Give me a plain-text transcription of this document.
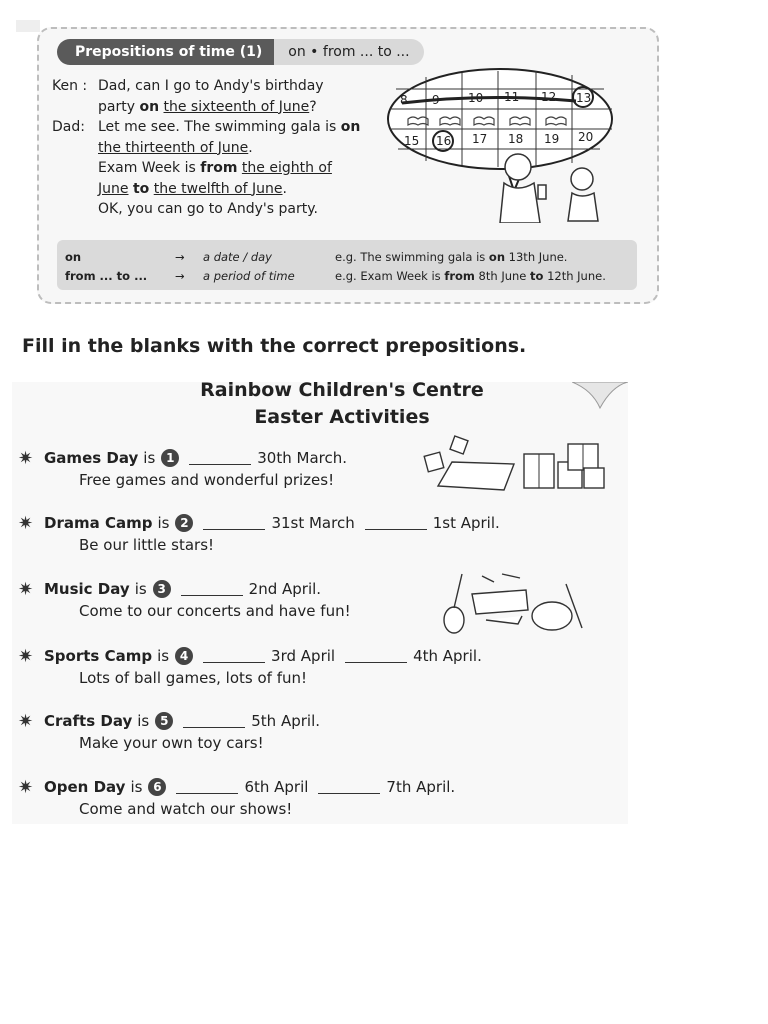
Prepositions of time (1)	on • from ... to ...
Ken : Dad, can I go to Andy's birthday
party on the sixteenth of June?
Dad: Let me see. The swimming gala is on
the thirteenth of June.
Exam Week is from the eighth of
June to the twelfth of June.
OK, you can go to Andy's party.
8 9 10 11 12 13
15 16 17 18 19 20
on	→	a date / day	e.g. The swimming gala is on 13th June.
from ... to ...	→	a period of time	e.g. Exam Week is from 8th June to 12th June.
Fill in the blanks with the correct prepositions.
Rainbow Children's Centre
Easter Activities
✷ Games Day is 1	30th March.
Free games and wonderful prizes!
✷ Drama Camp is 2	31st March	1st April.
Be our little stars!
✷ Music Day is 3	2nd April.
Come to our concerts and have fun!
✷ Sports Camp is 4	3rd April	4th April.
Lots of ball games, lots of fun!
✷ Crafts Day is 5	5th April.
Make your own toy cars!
✷ Open Day is 6	6th April	7th April.
Come and watch our shows!
